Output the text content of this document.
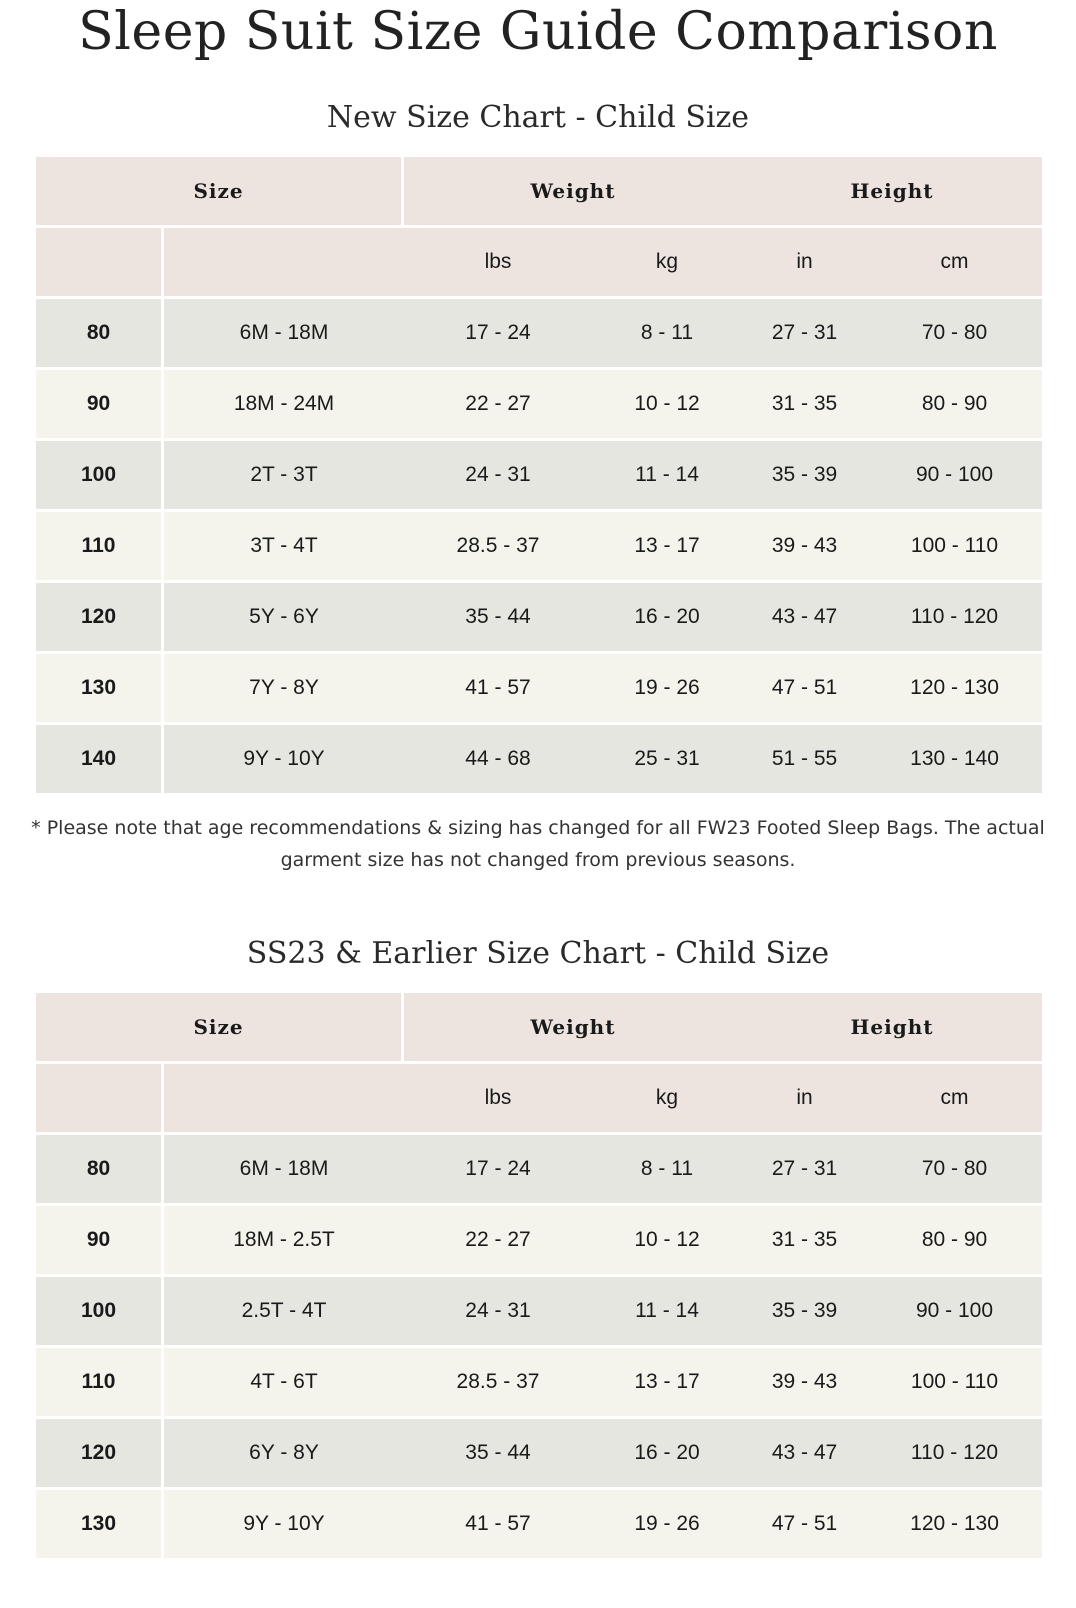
Sleep Suit Size Guide Comparison
New Size Chart - Child Size
Size		Weight		Height	
		lbs	kg	in	cm
80	6M - 18M	17 - 24	8 - 11	27 - 31	70 - 80
90	18M - 24M	22 - 27	10 - 12	31 - 35	80 - 90
100	2T - 3T	24 - 31	11 - 14	35 - 39	90 - 100
110	3T - 4T	28.5 - 37	13 - 17	39 - 43	100 - 110
120	5Y - 6Y	35 - 44	16 - 20	43 - 47	110 - 120
130	7Y - 8Y	41 - 57	19 - 26	47 - 51	120 - 130
140	9Y - 10Y	44 - 68	25 - 31	51 - 55	130 - 140

* Please note that age recommendations & sizing has changed for all FW23 Footed Sleep Bags. The actual garment size has not changed from previous seasons.

SS23 & Earlier Size Chart - Child Size
Size		Weight		Height	
		lbs	kg	in	cm
80	6M - 18M	17 - 24	8 - 11	27 - 31	70 - 80
90	18M - 2.5T	22 - 27	10 - 12	31 - 35	80 - 90
100	2.5T - 4T	24 - 31	11 - 14	35 - 39	90 - 100
110	4T - 6T	28.5 - 37	13 - 17	39 - 43	100 - 110
120	6Y - 8Y	35 - 44	16 - 20	43 - 47	110 - 120
130	9Y - 10Y	41 - 57	19 - 26	47 - 51	120 - 130
